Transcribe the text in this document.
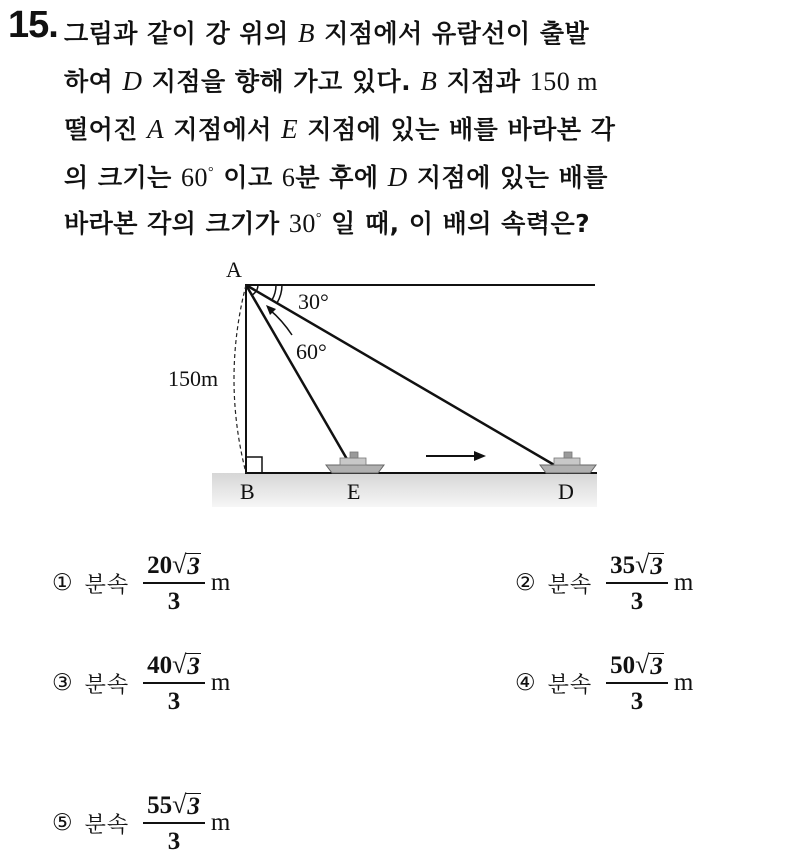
15. 그림과 같이 강 위의 B 지점에서 유람선이 출발
하여 D 지점을 향해 가고 있다. B 지점과 150 m
떨어진 A 지점에서 E 지점에 있는 배를 바라본 각
의 크기는 60° 이고 6분 후에 D 지점에 있는 배를
바라본 각의 크기가 30° 일 때, 이 배의 속력은?
A
B	E	D
150m
30°
60°
① 분속 $\frac{20 √ 3}{3}$ m	② 분속 $\frac{35 √ 3}{3}$ m
③ 분속 $\frac{40 √ 3}{3}$ m	④ 분속 $\frac{50 √ 3}{3}$ m
⑤ 분속 $\frac{55 √ 3}{3}$ m
